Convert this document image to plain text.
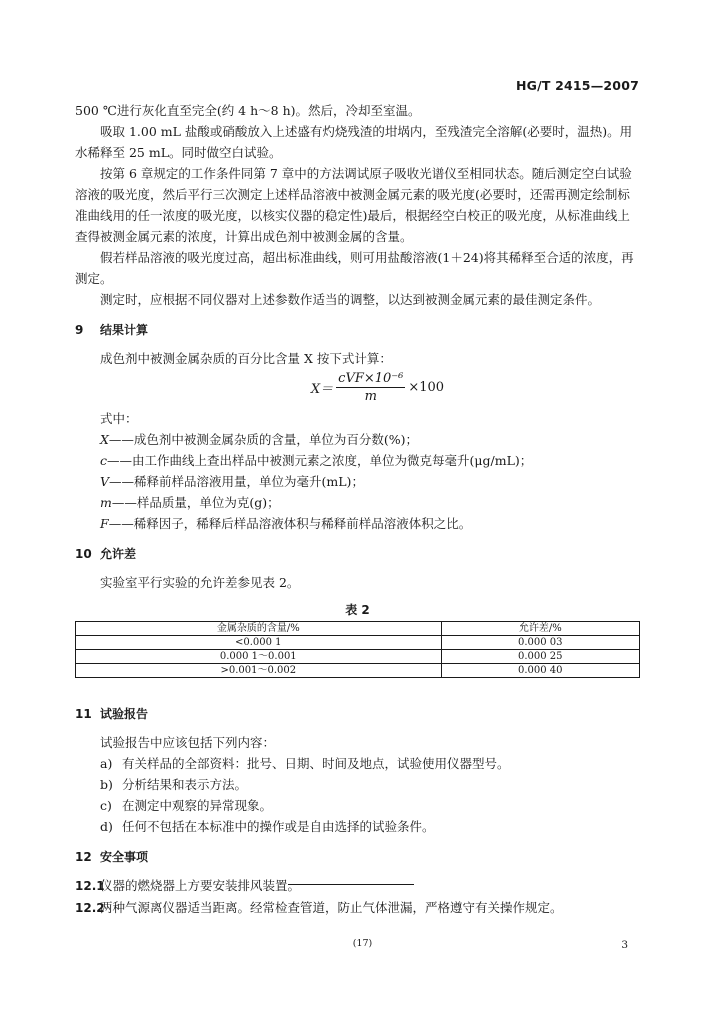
HG/T 2415—2007

500 ℃进行灰化直至完全(约 4 h～8 h)。然后，冷却至室温。

吸取 1.00 mL 盐酸或硝酸放入上述盛有灼烧残渣的坩埚内，至残渣完全溶解(必要时，温热)。用水稀释至 25 mL。同时做空白试验。

按第 6 章规定的工作条件同第 7 章中的方法调试原子吸收光谱仪至相同状态。随后测定空白试验溶液的吸光度，然后平行三次测定上述样品溶液中被测金属元素的吸光度(必要时，还需再测定绘制标准曲线用的任一浓度的吸光度，以核实仪器的稳定性)最后，根据经空白校正的吸光度，从标准曲线上查得被测金属元素的浓度，计算出成色剂中被测金属的含量。

假若样品溶液的吸光度过高，超出标准曲线，则可用盐酸溶液(1＋24)将其稀释至合适的浓度，再测定。

测定时，应根据不同仪器对上述参数作适当的调整，以达到被测金属元素的最佳测定条件。

9 结果计算

成色剂中被测金属杂质的百分比含量 X 按下式计算：

$X= \frac{\text{cVF×10⁻⁶}}{m} \times 100$

式中：

X——成色剂中被测金属杂质的含量，单位为百分数(%)；
c——由工作曲线上查出样品中被测元素之浓度，单位为微克每毫升(μg/mL)；
V——稀释前样品溶液用量，单位为毫升(mL)；
m——样品质量，单位为克(g)；
F——稀释因子，稀释后样品溶液体积与稀释前样品溶液体积之比。
10 允许差

实验室平行实验的允许差参见表 2。

表 2
金属杂质的含量/%	允许差/%
<0.000 1	0.000 03
0.000 1～0.001	0.000 25
>0.001～0.002	0.000 40
11 试验报告

试验报告中应该包括下列内容：

a) 有关样品的全部资料：批号、日期、时间及地点，试验使用仪器型号。
b) 分析结果和表示方法。
c) 在测定中观察的异常现象。
d) 任何不包括在本标准中的操作或是自由选择的试验条件。
12 安全事项
12.1仪器的燃烧器上方要安装排风装置。
12.2两种气源离仪器适当距离。经常检查管道，防止气体泄漏，严格遵守有关操作规定。
(17)	3
